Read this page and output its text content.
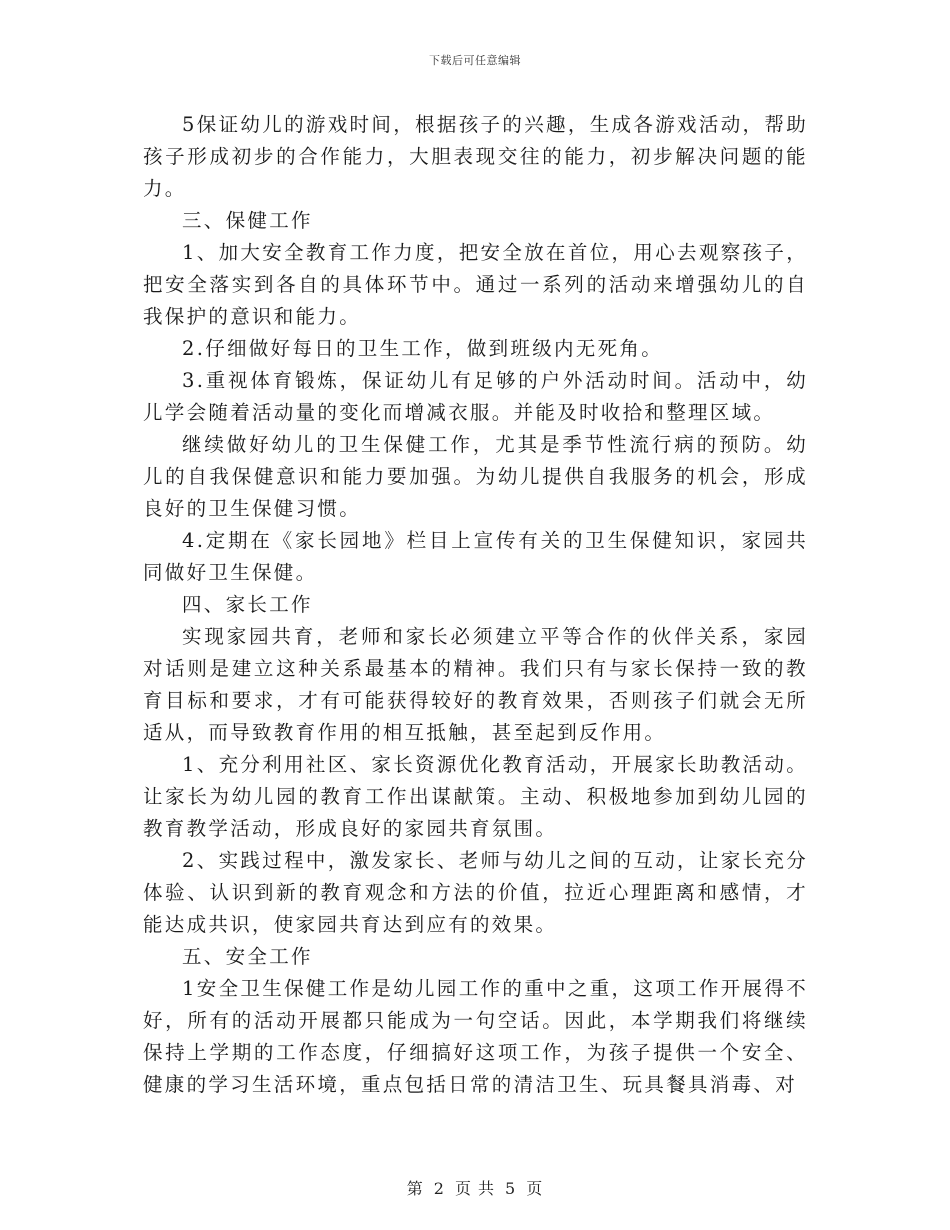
下载后可任意编辑

5保证幼儿的游戏时间，根据孩子的兴趣，生成各游戏活动，帮助孩子形成初步的合作能力，大胆表现交往的能力，初步解决问题的能力。

三、保健工作

1、加大安全教育工作力度，把安全放在首位，用心去观察孩子，把安全落实到各自的具体环节中。通过一系列的活动来增强幼儿的自我保护的意识和能力。

2.仔细做好每日的卫生工作，做到班级内无死角。

3.重视体育锻炼，保证幼儿有足够的户外活动时间。活动中，幼儿学会随着活动量的变化而增减衣服。并能及时收拾和整理区域。

继续做好幼儿的卫生保健工作，尤其是季节性流行病的预防。幼儿的自我保健意识和能力要加强。为幼儿提供自我服务的机会，形成良好的卫生保健习惯。

4.定期在《家长园地》栏目上宣传有关的卫生保健知识，家园共同做好卫生保健。

四、家长工作

实现家园共育，老师和家长必须建立平等合作的伙伴关系，家园对话则是建立这种关系最基本的精神。我们只有与家长保持一致的教育目标和要求，才有可能获得较好的教育效果，否则孩子们就会无所适从，而导致教育作用的相互抵触，甚至起到反作用。

1、充分利用社区、家长资源优化教育活动，开展家长助教活动。让家长为幼儿园的教育工作出谋献策。主动、积极地参加到幼儿园的教育教学活动，形成良好的家园共育氛围。

2、实践过程中，激发家长、老师与幼儿之间的互动，让家长充分体验、认识到新的教育观念和方法的价值，拉近心理距离和感情，才能达成共识，使家园共育达到应有的效果。

五、安全工作

1安全卫生保健工作是幼儿园工作的重中之重，这项工作开展得不好，所有的活动开展都只能成为一句空话。因此，本学期我们将继续保持上学期的工作态度，仔细搞好这项工作，为孩子提供一个安全、健康的学习生活环境，重点包括日常的清洁卫生、玩具餐具消毒、对

第 2 页 共 5 页
